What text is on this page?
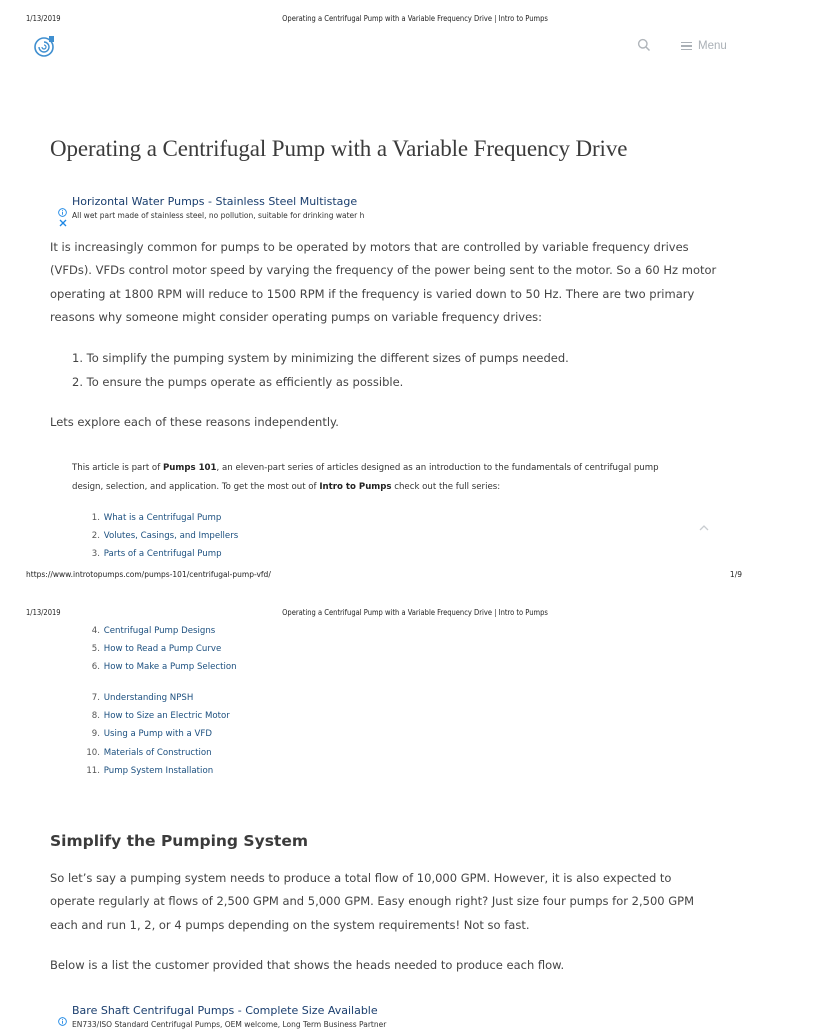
1/13/2019	Operating a Centrifugal Pump with a Variable Frequency Drive | Intro to Pumps
Menu
Operating a Centrifugal Pump with a Variable Frequency Drive
Horizontal Water Pumps - Stainless Steel Multistage
All wet part made of stainless steel, no pollution, suitable for drinking water h

It is increasingly common for pumps to be operated by motors that are controlled by variable frequency drives (VFDs). VFDs control motor speed by varying the frequency of the power being sent to the motor. So a 60 Hz motor operating at 1800 RPM will reduce to 1500 RPM if the frequency is varied down to 50 Hz. There are two primary reasons why someone might consider operating pumps on variable frequency drives:

1. To simplify the pumping system by minimizing the different sizes of pumps needed.
2. To ensure the pumps operate as efficiently as possible.

Lets explore each of these reasons independently.

This article is part of Pumps 101, an eleven-part series of articles designed as an introduction to the fundamentals of centrifugal pump design, selection, and application. To get the most out of Intro to Pumps check out the full series:

1. What is a Centrifugal Pump
2. Volutes, Casings, and Impellers
3. Parts of a Centrifugal Pump
https://www.introtopumps.com/pumps-101/centrifugal-pump-vfd/	1/9
1/13/2019	Operating a Centrifugal Pump with a Variable Frequency Drive | Intro to Pumps
4. Centrifugal Pump Designs
5. How to Read a Pump Curve
6. How to Make a Pump Selection
7. Understanding NPSH
8. How to Size an Electric Motor
9. Using a Pump with a VFD
10. Materials of Construction
11. Pump System Installation
Simplify the Pumping System

So let’s say a pumping system needs to produce a total flow of 10,000 GPM. However, it is also expected to operate regularly at flows of 2,500 GPM and 5,000 GPM. Easy enough right? Just size four pumps for 2,500 GPM each and run 1, 2, or 4 pumps depending on the system requirements! Not so fast.

Below is a list the customer provided that shows the heads needed to produce each flow.

Bare Shaft Centrifugal Pumps - Complete Size Available
EN733/ISO Standard Centrifugal Pumps, OEM welcome, Long Term Business Partner
